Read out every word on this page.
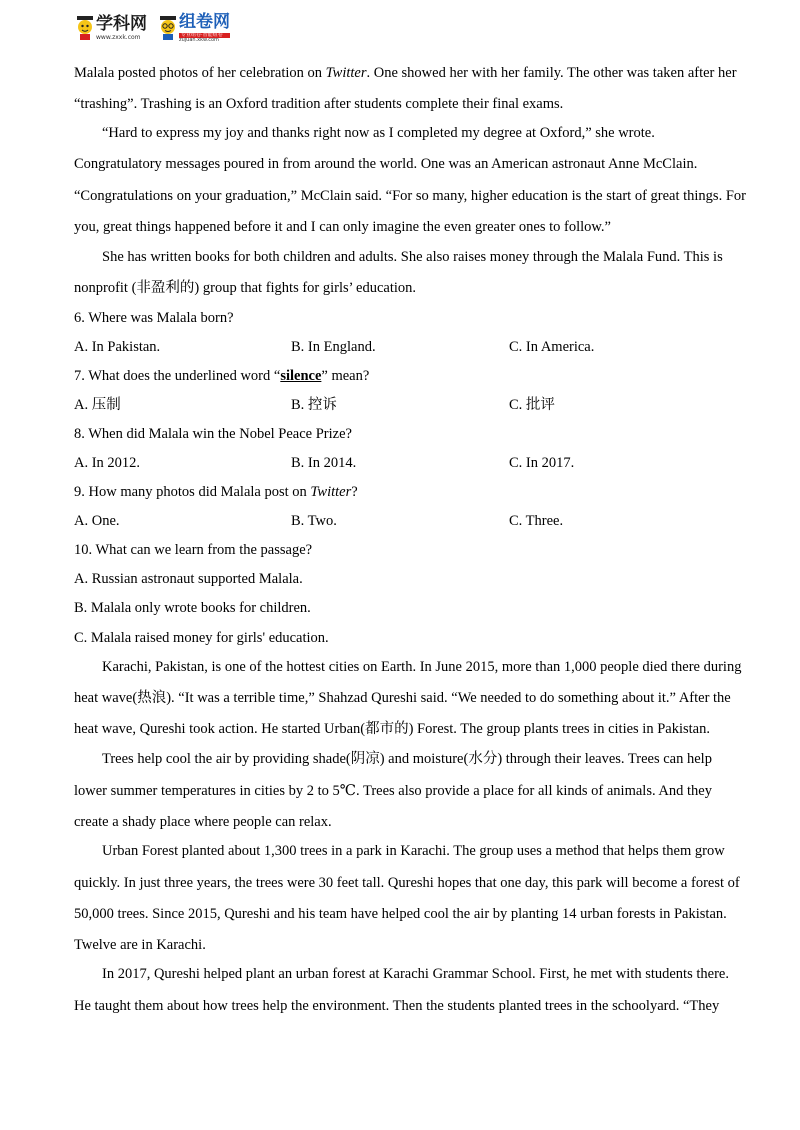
学科网
www.zxxk.com
组卷网
专业组卷·智能组卷
zujuan.xkw.com
Malala posted photos of her celebration on Twitter. One showed her with her family. The other was taken after her
“trashing”. Trashing is an Oxford tradition after students complete their final exams.
“Hard to express my joy and thanks right now as I completed my degree at Oxford,” she wrote.
Congratulatory messages poured in from around the world. One was an American astronaut Anne McClain.
“Congratulations on your graduation,” McClain said. “For so many, higher education is the start of great things. For
you, great things happened before it and I can only imagine the even greater ones to follow.”
She has written books for both children and adults. She also raises money through the Malala Fund. This is
nonprofit (非盈利的) group that fights for girls’ education.
6. Where was Malala born?
A. In Pakistan.	B. In England.	C. In America.
7. What does the underlined word “silence” mean?
A. 压制	B. 控诉	C. 批评
8. When did Malala win the Nobel Peace Prize?
A. In 2012.	B. In 2014.	C. In 2017.
9. How many photos did Malala post on Twitter?
A. One.	B. Two.	C. Three.
10. What can we learn from the passage?
A. Russian astronaut supported Malala.
B. Malala only wrote books for children.
C. Malala raised money for girls' education.
Karachi, Pakistan, is one of the hottest cities on Earth. In June 2015, more than 1,000 people died there during
heat wave(热浪). “It was a terrible time,” Shahzad Qureshi said. “We needed to do something about it.” After the
heat wave, Qureshi took action. He started Urban(都市的) Forest. The group plants trees in cities in Pakistan.
Trees help cool the air by providing shade(阴凉) and moisture(水分) through their leaves. Trees can help
lower summer temperatures in cities by 2 to 5℃. Trees also provide a place for all kinds of animals. And they
create a shady place where people can relax.
Urban Forest planted about 1,300 trees in a park in Karachi. The group uses a method that helps them grow
quickly. In just three years, the trees were 30 feet tall. Qureshi hopes that one day, this park will become a forest of
50,000 trees. Since 2015, Qureshi and his team have helped cool the air by planting 14 urban forests in Pakistan.
Twelve are in Karachi.
In 2017, Qureshi helped plant an urban forest at Karachi Grammar School. First, he met with students there.
He taught them about how trees help the environment. Then the students planted trees in the schoolyard. “They
